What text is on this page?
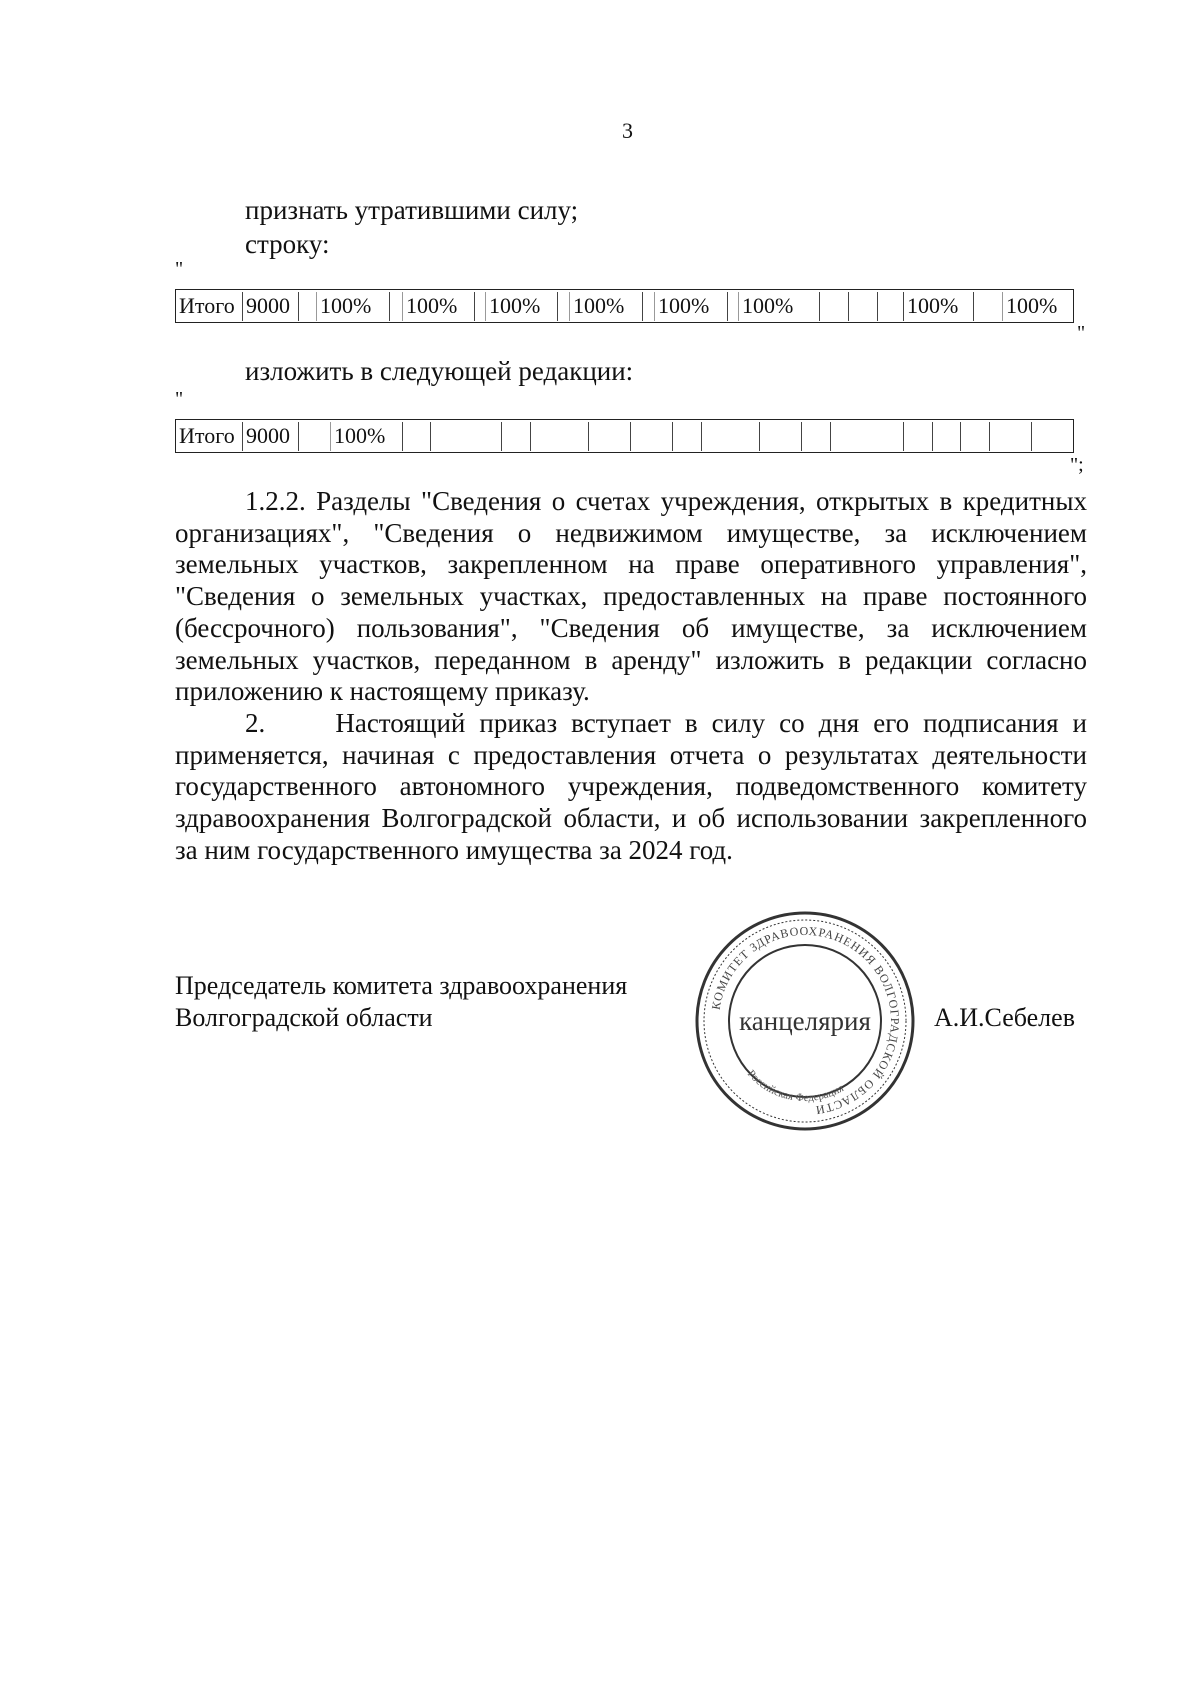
3
признать утратившими силу;
строку:
"
Итого 9000 100% 100% 100% 100% 100% 100%	100% 100%
"
изложить в следующей редакции:
"
Итого 9000 100%
";
1.2.2. Разделы "Сведения о счетах учреждения, открытых в кредитных организациях", "Сведения о недвижимом имуществе, за исключением земельных участков, закрепленном на праве оперативного управления", "Сведения о земельных участках, предоставленных на праве постоянного (бессрочного) пользования", "Сведения об имуществе, за исключением земельных участков, переданном в аренду" изложить в редакции согласно приложению к настоящему приказу.
2.	Настоящий приказ вступает в силу со дня его подписания и применяется, начиная с предоставления отчета о результатах деятельности государственного автономного учреждения, подведомственного комитету здравоохранения Волгоградской области, и об использовании закрепленного за ним государственного имущества за 2024 год.
Председатель комитета здравоохранения
Волгоградской области	А.И.Себелев
КОМИТЕТ ЗДРАВООХРАНЕНИЯ ВОЛГОГРАДСКОЙ ОБЛАСТИ
Российская Федерация
канцелярия
